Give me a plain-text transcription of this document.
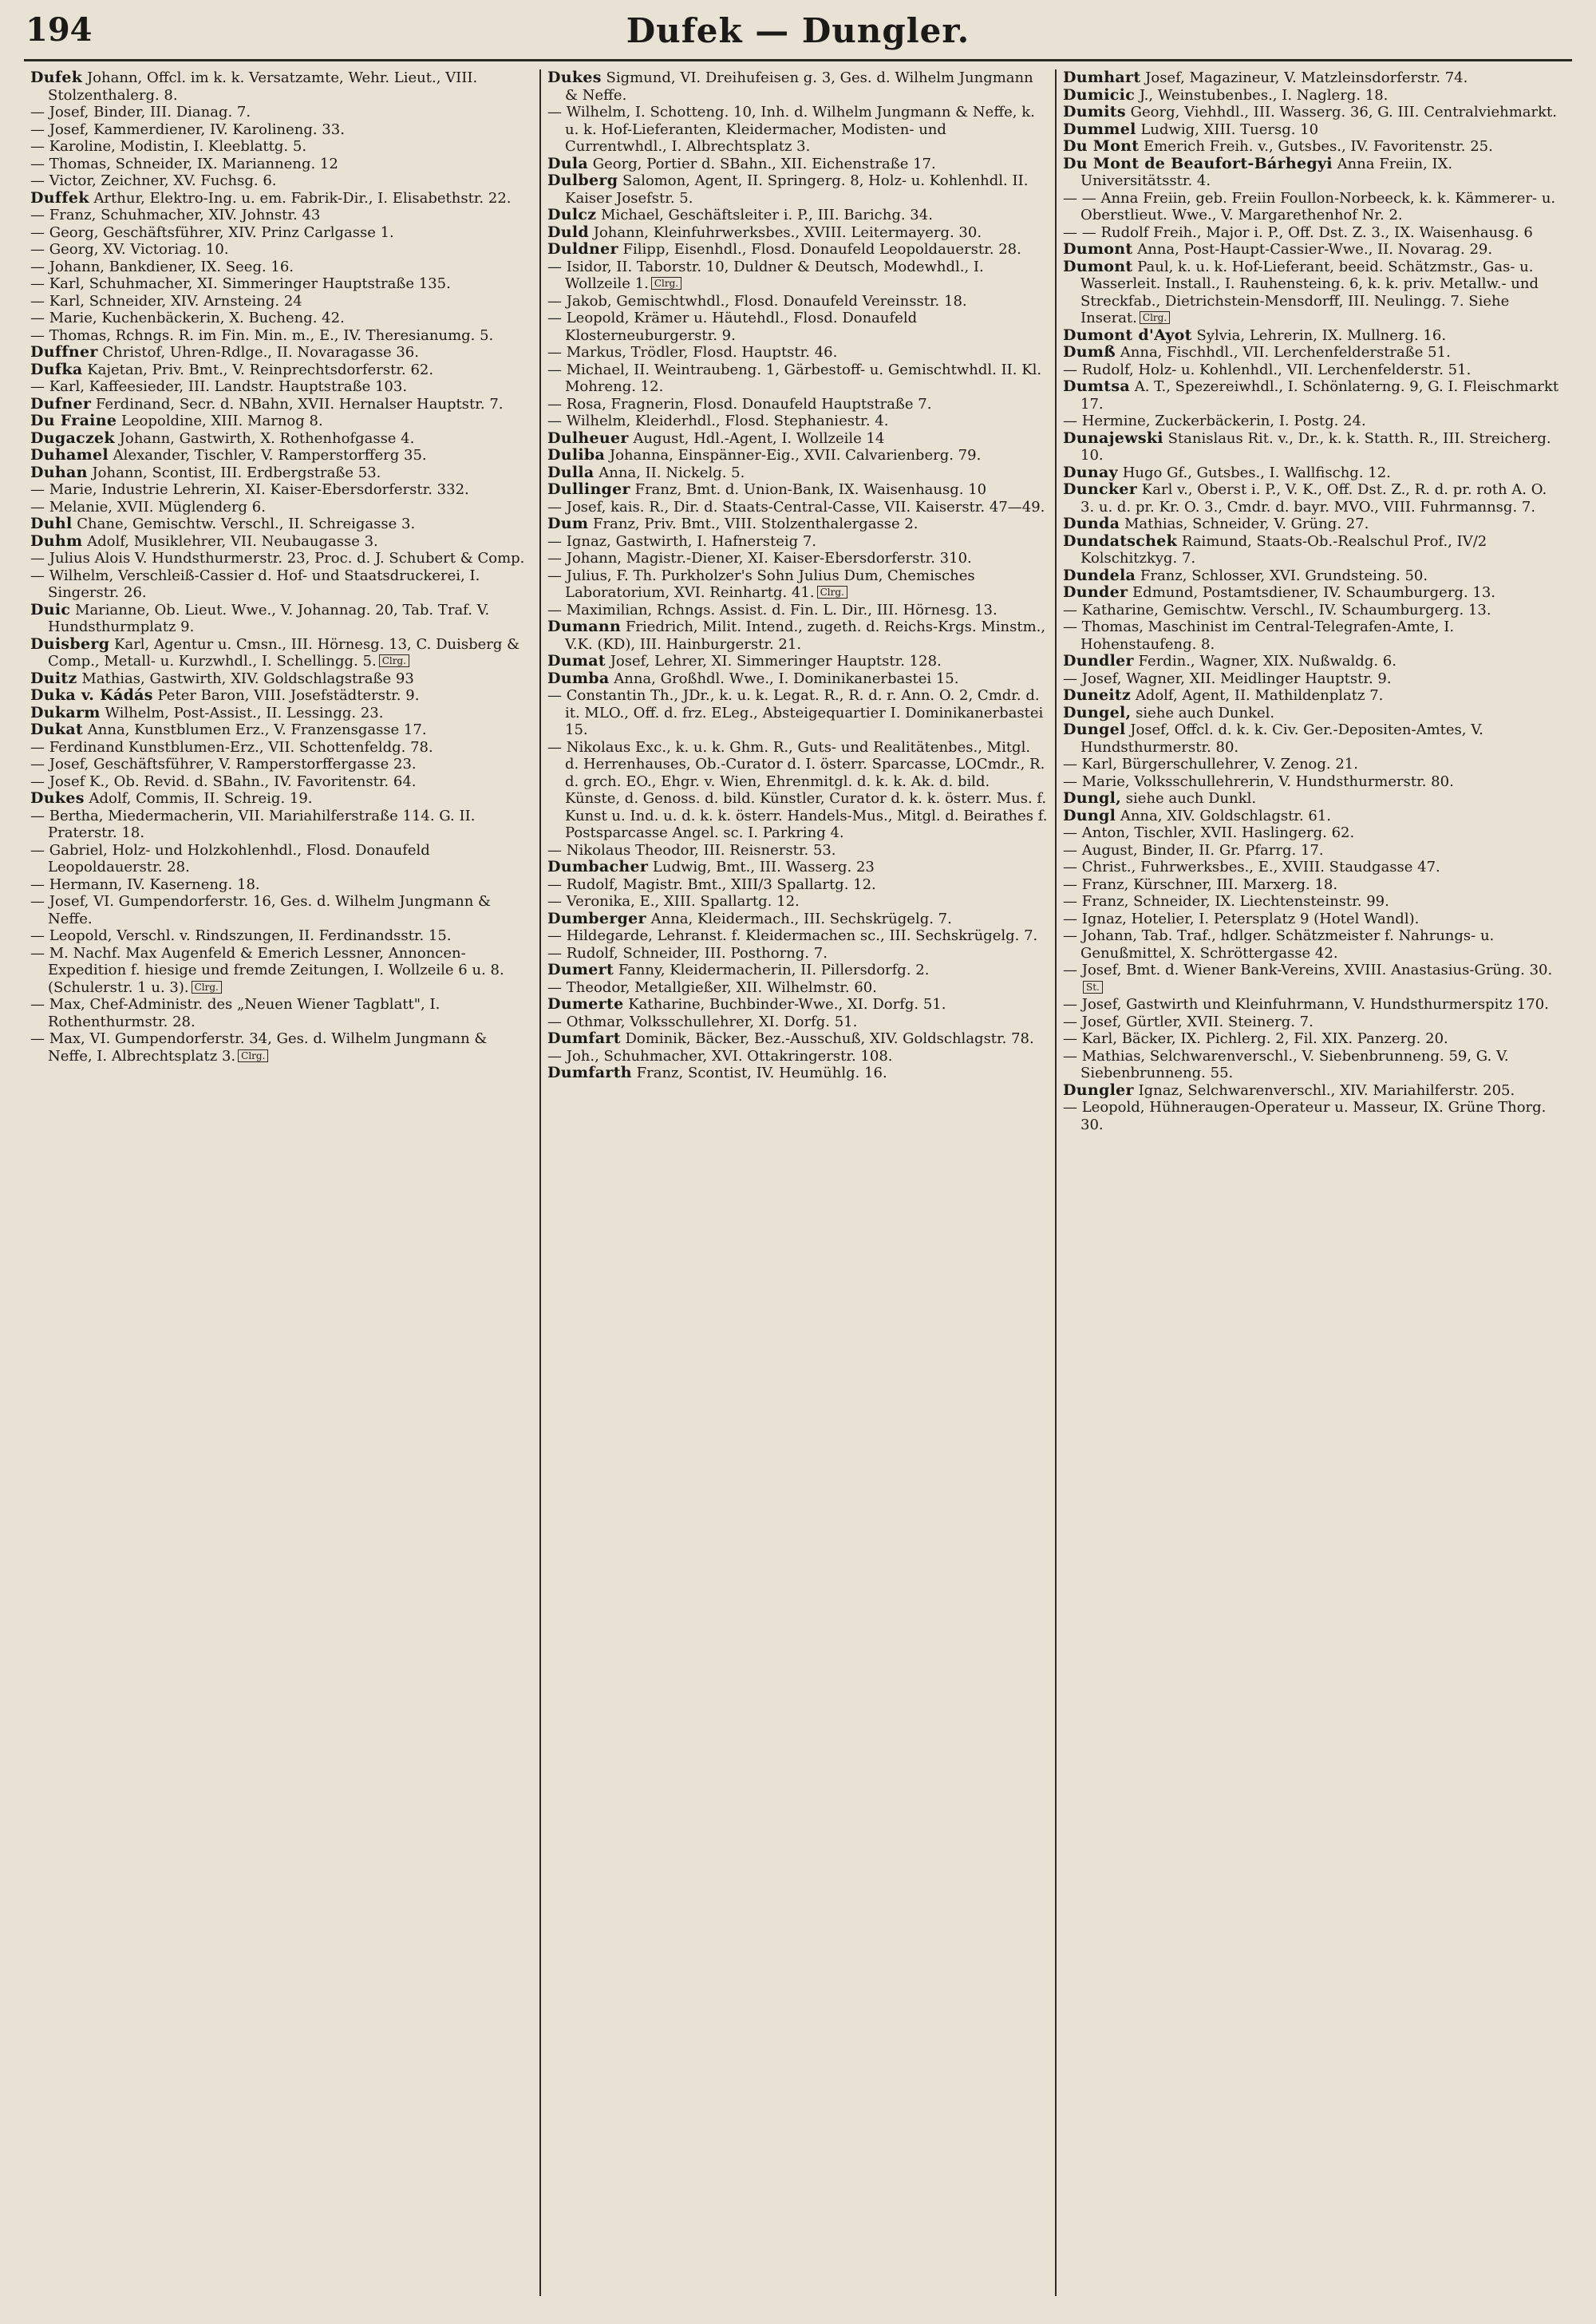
194	Dufek — Dungler.

Dufek Johann, Offcl. im k. k. Versatzamte, Wehr. Lieut., VIII. Stolzenthalerg. 8.

— Josef, Binder, III. Dianag. 7.

— Josef, Kammerdiener, IV. Karolineng. 33.

— Karoline, Modistin, I. Kleeblattg. 5.

— Thomas, Schneider, IX. Marianneng. 12

— Victor, Zeichner, XV. Fuchsg. 6.

Duffek Arthur, Elektro-Ing. u. em. Fabrik-Dir., I. Elisabethstr. 22.

— Franz, Schuhmacher, XIV. Johnstr. 43

— Georg, Geschäftsführer, XIV. Prinz Carlgasse 1.

— Georg, XV. Victoriag. 10.

— Johann, Bankdiener, IX. Seeg. 16.

— Karl, Schuhmacher, XI. Simmeringer Hauptstraße 135.

— Karl, Schneider, XIV. Arnsteing. 24

— Marie, Kuchenbäckerin, X. Bucheng. 42.

— Thomas, Rchngs. R. im Fin. Min. m., E., IV. Theresianumg. 5.

Duffner Christof, Uhren-Rdlge., II. Novaragasse 36.

Dufka Kajetan, Priv. Bmt., V. Reinprechtsdorferstr. 62.

— Karl, Kaffeesieder, III. Landstr. Hauptstraße 103.

Dufner Ferdinand, Secr. d. NBahn, XVII. Hernalser Hauptstr. 7.

Du Fraine Leopoldine, XIII. Marnog 8.

Dugaczek Johann, Gastwirth, X. Rothenhofgasse 4.

Duhamel Alexander, Tischler, V. Ramperstorfferg 35.

Duhan Johann, Scontist, III. Erdbergstraße 53.

— Marie, Industrie Lehrerin, XI. Kaiser-Ebersdorferstr. 332.

— Melanie, XVII. Müglenderg 6.

Duhl Chane, Gemischtw. Verschl., II. Schreigasse 3.

Duhm Adolf, Musiklehrer, VII. Neubaugasse 3.

— Julius Alois V. Hundsthurmerstr. 23, Proc. d. J. Schubert & Comp.

— Wilhelm, Verschleiß-Cassier d. Hof- und Staatsdruckerei, I. Singerstr. 26.

Duic Marianne, Ob. Lieut. Wwe., V. Johannag. 20, Tab. Traf. V. Hundsthurmplatz 9.

Duisberg Karl, Agentur u. Cmsn., III. Hörnesg. 13, C. Duisberg & Comp., Metall- u. Kurzwhdl., I. Schellingg. 5. Clrg.

Duitz Mathias, Gastwirth, XIV. Goldschlagstraße 93

Duka v. Kádás Peter Baron, VIII. Josefstädterstr. 9.

Dukarm Wilhelm, Post-Assist., II. Lessingg. 23.

Dukat Anna, Kunstblumen Erz., V. Franzensgasse 17.

— Ferdinand Kunstblumen-Erz., VII. Schottenfeldg. 78.

— Josef, Geschäftsführer, V. Ramperstorffergasse 23.

— Josef K., Ob. Revid. d. SBahn., IV. Favoritenstr. 64.

Dukes Adolf, Commis, II. Schreig. 19.

— Bertha, Miedermacherin, VII. Mariahilferstraße 114. G. II. Praterstr. 18.

— Gabriel, Holz- und Holzkohlenhdl., Flosd. Donaufeld Leopoldauerstr. 28.

— Hermann, IV. Kaserneng. 18.

— Josef, VI. Gumpendorferstr. 16, Ges. d. Wilhelm Jungmann & Neffe.

— Leopold, Verschl. v. Rindszungen, II. Ferdinandsstr. 15.

— M. Nachf. Max Augenfeld & Emerich Lessner, Annoncen-Expedition f. hiesige und fremde Zeitungen, I. Wollzeile 6 u. 8. (Schulerstr. 1 u. 3). Clrg.

— Max, Chef-Administr. des „Neuen Wiener Tagblatt", I. Rothenthurmstr. 28.

— Max, VI. Gumpendorferstr. 34, Ges. d. Wilhelm Jungmann & Neffe, I. Albrechtsplatz 3. Clrg.

Dukes Sigmund, VI. Dreihufeisen g. 3, Ges. d. Wilhelm Jungmann & Neffe.

— Wilhelm, I. Schotteng. 10, Inh. d. Wilhelm Jungmann & Neffe, k. u. k. Hof-Lieferanten, Kleidermacher, Modisten- und Currentwhdl., I. Albrechtsplatz 3.

Dula Georg, Portier d. SBahn., XII. Eichenstraße 17.

Dulberg Salomon, Agent, II. Springerg. 8, Holz- u. Kohlenhdl. II. Kaiser Josefstr. 5.

Dulcz Michael, Geschäftsleiter i. P., III. Barichg. 34.

Duld Johann, Kleinfuhrwerksbes., XVIII. Leitermayerg. 30.

Duldner Filipp, Eisenhdl., Flosd. Donaufeld Leopoldauerstr. 28.

— Isidor, II. Taborstr. 10, Duldner & Deutsch, Modewhdl., I. Wollzeile 1. Clrg.

— Jakob, Gemischtwhdl., Flosd. Donaufeld Vereinsstr. 18.

— Leopold, Krämer u. Häutehdl., Flosd. Donaufeld Klosterneuburgerstr. 9.

— Markus, Trödler, Flosd. Hauptstr. 46.

— Michael, II. Weintraubeng. 1, Gärbestoff- u. Gemischtwhdl. II. Kl. Mohreng. 12.

— Rosa, Fragnerin, Flosd. Donaufeld Hauptstraße 7.

— Wilhelm, Kleiderhdl., Flosd. Stephaniestr. 4.

Dulheuer August, Hdl.-Agent, I. Wollzeile 14

Duliba Johanna, Einspänner-Eig., XVII. Calvarienberg. 79.

Dulla Anna, II. Nickelg. 5.

Dullinger Franz, Bmt. d. Union-Bank, IX. Waisenhausg. 10

— Josef, kais. R., Dir. d. Staats-Central-Casse, VII. Kaiserstr. 47—49.

Dum Franz, Priv. Bmt., VIII. Stolzenthalergasse 2.

— Ignaz, Gastwirth, I. Hafnersteig 7.

— Johann, Magistr.-Diener, XI. Kaiser-Ebersdorferstr. 310.

— Julius, F. Th. Purkholzer's Sohn Julius Dum, Chemisches Laboratorium, XVI. Reinhartg. 41. Clrg.

— Maximilian, Rchngs. Assist. d. Fin. L. Dir., III. Hörnesg. 13.

Dumann Friedrich, Milit. Intend., zugeth. d. Reichs-Krgs. Minstm., V.K. (KD), III. Hainburgerstr. 21.

Dumat Josef, Lehrer, XI. Simmeringer Hauptstr. 128.

Dumba Anna, Großhdl. Wwe., I. Dominikanerbastei 15.

— Constantin Th., JDr., k. u. k. Legat. R., R. d. r. Ann. O. 2, Cmdr. d. it. MLO., Off. d. frz. ELeg., Absteigequartier I. Dominikanerbastei 15.

— Nikolaus Exc., k. u. k. Ghm. R., Guts- und Realitätenbes., Mitgl. d. Herrenhauses, Ob.-Curator d. I. österr. Sparcasse, LOCmdr., R. d. grch. EO., Ehgr. v. Wien, Ehrenmitgl. d. k. k. Ak. d. bild. Künste, d. Genoss. d. bild. Künstler, Curator d. k. k. österr. Mus. f. Kunst u. Ind. u. d. k. k. österr. Handels-Mus., Mitgl. d. Beirathes f. Postsparcasse Angel. sc. I. Parkring 4.

— Nikolaus Theodor, III. Reisnerstr. 53.

Dumbacher Ludwig, Bmt., III. Wasserg. 23

— Rudolf, Magistr. Bmt., XIII/3 Spallartg. 12.

— Veronika, E., XIII. Spallartg. 12.

Dumberger Anna, Kleidermach., III. Sechskrügelg. 7.

— Hildegarde, Lehranst. f. Kleidermachen sc., III. Sechskrügelg. 7.

— Rudolf, Schneider, III. Posthorng. 7.

Dumert Fanny, Kleidermacherin, II. Pillersdorfg. 2.

— Theodor, Metallgießer, XII. Wilhelmstr. 60.

Dumerte Katharine, Buchbinder-Wwe., XI. Dorfg. 51.

— Othmar, Volksschullehrer, XI. Dorfg. 51.

Dumfart Dominik, Bäcker, Bez.-Ausschuß, XIV. Goldschlagstr. 78.

— Joh., Schuhmacher, XVI. Ottakringerstr. 108.

Dumfarth Franz, Scontist, IV. Heumühlg. 16.

Dumhart Josef, Magazineur, V. Matzleinsdorferstr. 74.

Dumicic J., Weinstubenbes., I. Naglerg. 18.

Dumits Georg, Viehhdl., III. Wasserg. 36, G. III. Centralviehmarkt.

Dummel Ludwig, XIII. Tuersg. 10

Du Mont Emerich Freih. v., Gutsbes., IV. Favoritenstr. 25.

Du Mont de Beaufort-Bárhegyi Anna Freiin, IX. Universitätsstr. 4.

— — Anna Freiin, geb. Freiin Foullon-Norbeeck, k. k. Kämmerer- u. Oberstlieut. Wwe., V. Margarethenhof Nr. 2.

— — Rudolf Freih., Major i. P., Off. Dst. Z. 3., IX. Waisenhausg. 6

Dumont Anna, Post-Haupt-Cassier-Wwe., II. Novarag. 29.

Dumont Paul, k. u. k. Hof-Lieferant, beeid. Schätzmstr., Gas- u. Wasserleit. Install., I. Rauhensteing. 6, k. k. priv. Metallw.- und Streckfab., Dietrichstein-Mensdorff, III. Neulingg. 7. Siehe Inserat. Clrg.

Dumont d'Ayot Sylvia, Lehrerin, IX. Mullnerg. 16.

Dumß Anna, Fischhdl., VII. Lerchenfelderstraße 51.

— Rudolf, Holz- u. Kohlenhdl., VII. Lerchenfelderstr. 51.

Dumtsa A. T., Spezereiwhdl., I. Schönlaterng. 9, G. I. Fleischmarkt 17.

— Hermine, Zuckerbäckerin, I. Postg. 24.

Dunajewski Stanislaus Rit. v., Dr., k. k. Statth. R., III. Streicherg. 10.

Dunay Hugo Gf., Gutsbes., I. Wallfischg. 12.

Duncker Karl v., Oberst i. P., V. K., Off. Dst. Z., R. d. pr. roth A. O. 3. u. d. pr. Kr. O. 3., Cmdr. d. bayr. MVO., VIII. Fuhrmannsg. 7.

Dunda Mathias, Schneider, V. Grüng. 27.

Dundatschek Raimund, Staats-Ob.-Realschul Prof., IV/2 Kolschitzkyg. 7.

Dundela Franz, Schlosser, XVI. Grundsteing. 50.

Dunder Edmund, Postamtsdiener, IV. Schaumburgerg. 13.

— Katharine, Gemischtw. Verschl., IV. Schaumburgerg. 13.

— Thomas, Maschinist im Central-Telegrafen-Amte, I. Hohenstaufeng. 8.

Dundler Ferdin., Wagner, XIX. Nußwaldg. 6.

— Josef, Wagner, XII. Meidlinger Hauptstr. 9.

Duneitz Adolf, Agent, II. Mathildenplatz 7.

Dungel, siehe auch Dunkel.

Dungel Josef, Offcl. d. k. k. Civ. Ger.-Depositen-Amtes, V. Hundsthurmerstr. 80.

— Karl, Bürgerschullehrer, V. Zenog. 21.

— Marie, Volksschullehrerin, V. Hundsthurmerstr. 80.

Dungl, siehe auch Dunkl.

Dungl Anna, XIV. Goldschlagstr. 61.

— Anton, Tischler, XVII. Haslingerg. 62.

— August, Binder, II. Gr. Pfarrg. 17.

— Christ., Fuhrwerksbes., E., XVIII. Staudgasse 47.

— Franz, Kürschner, III. Marxerg. 18.

— Franz, Schneider, IX. Liechtensteinstr. 99.

— Ignaz, Hotelier, I. Petersplatz 9 (Hotel Wandl).

— Johann, Tab. Traf., hdlger. Schätzmeister f. Nahrungs- u. Genußmittel, X. Schröttergasse 42.

— Josef, Bmt. d. Wiener Bank-Vereins, XVIII. Anastasius-Grüng. 30.St.

— Josef, Gastwirth und Kleinfuhrmann, V. Hundsthurmerspitz 170.

— Josef, Gürtler, XVII. Steinerg. 7.

— Karl, Bäcker, IX. Pichlerg. 2, Fil. XIX. Panzerg. 20.

— Mathias, Selchwarenverschl., V. Siebenbrunneng. 59, G. V. Siebenbrunneng. 55.

Dungler Ignaz, Selchwarenverschl., XIV. Mariahilferstr. 205.

— Leopold, Hühneraugen-Operateur u. Masseur, IX. Grüne Thorg. 30.
